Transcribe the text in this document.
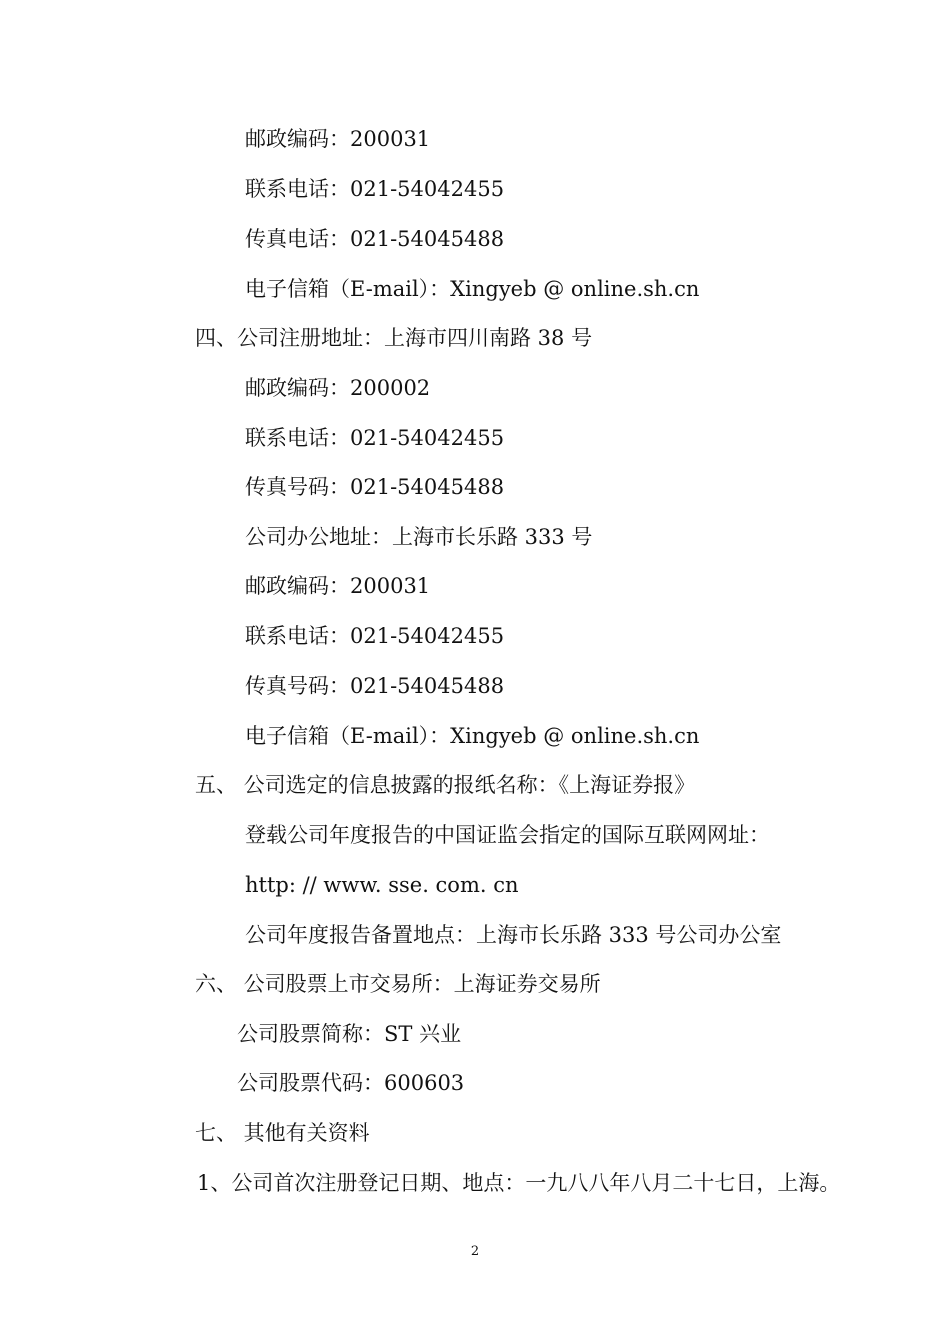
邮政编码：200031
联系电话：021-54042455
传真电话：021-54045488
电子信箱（E-mail）：Xingyeb @ online.sh.cn
四、公司注册地址：上海市四川南路 38 号
邮政编码：200002
联系电话：021-54042455
传真号码：021-54045488
公司办公地址：上海市长乐路 333 号
邮政编码：200031
联系电话：021-54042455
传真号码：021-54045488
电子信箱（E-mail）：Xingyeb @ online.sh.cn
五、 公司选定的信息披露的报纸名称：《上海证券报》
登载公司年度报告的中国证监会指定的国际互联网网址：
http: // www. sse. com. cn
公司年度报告备置地点：上海市长乐路 333 号公司办公室
六、 公司股票上市交易所：上海证券交易所
公司股票简称：ST 兴业
公司股票代码：600603
七、 其他有关资料
1、公司首次注册登记日期、地点：一九八八年八月二十七日，上海。
2
